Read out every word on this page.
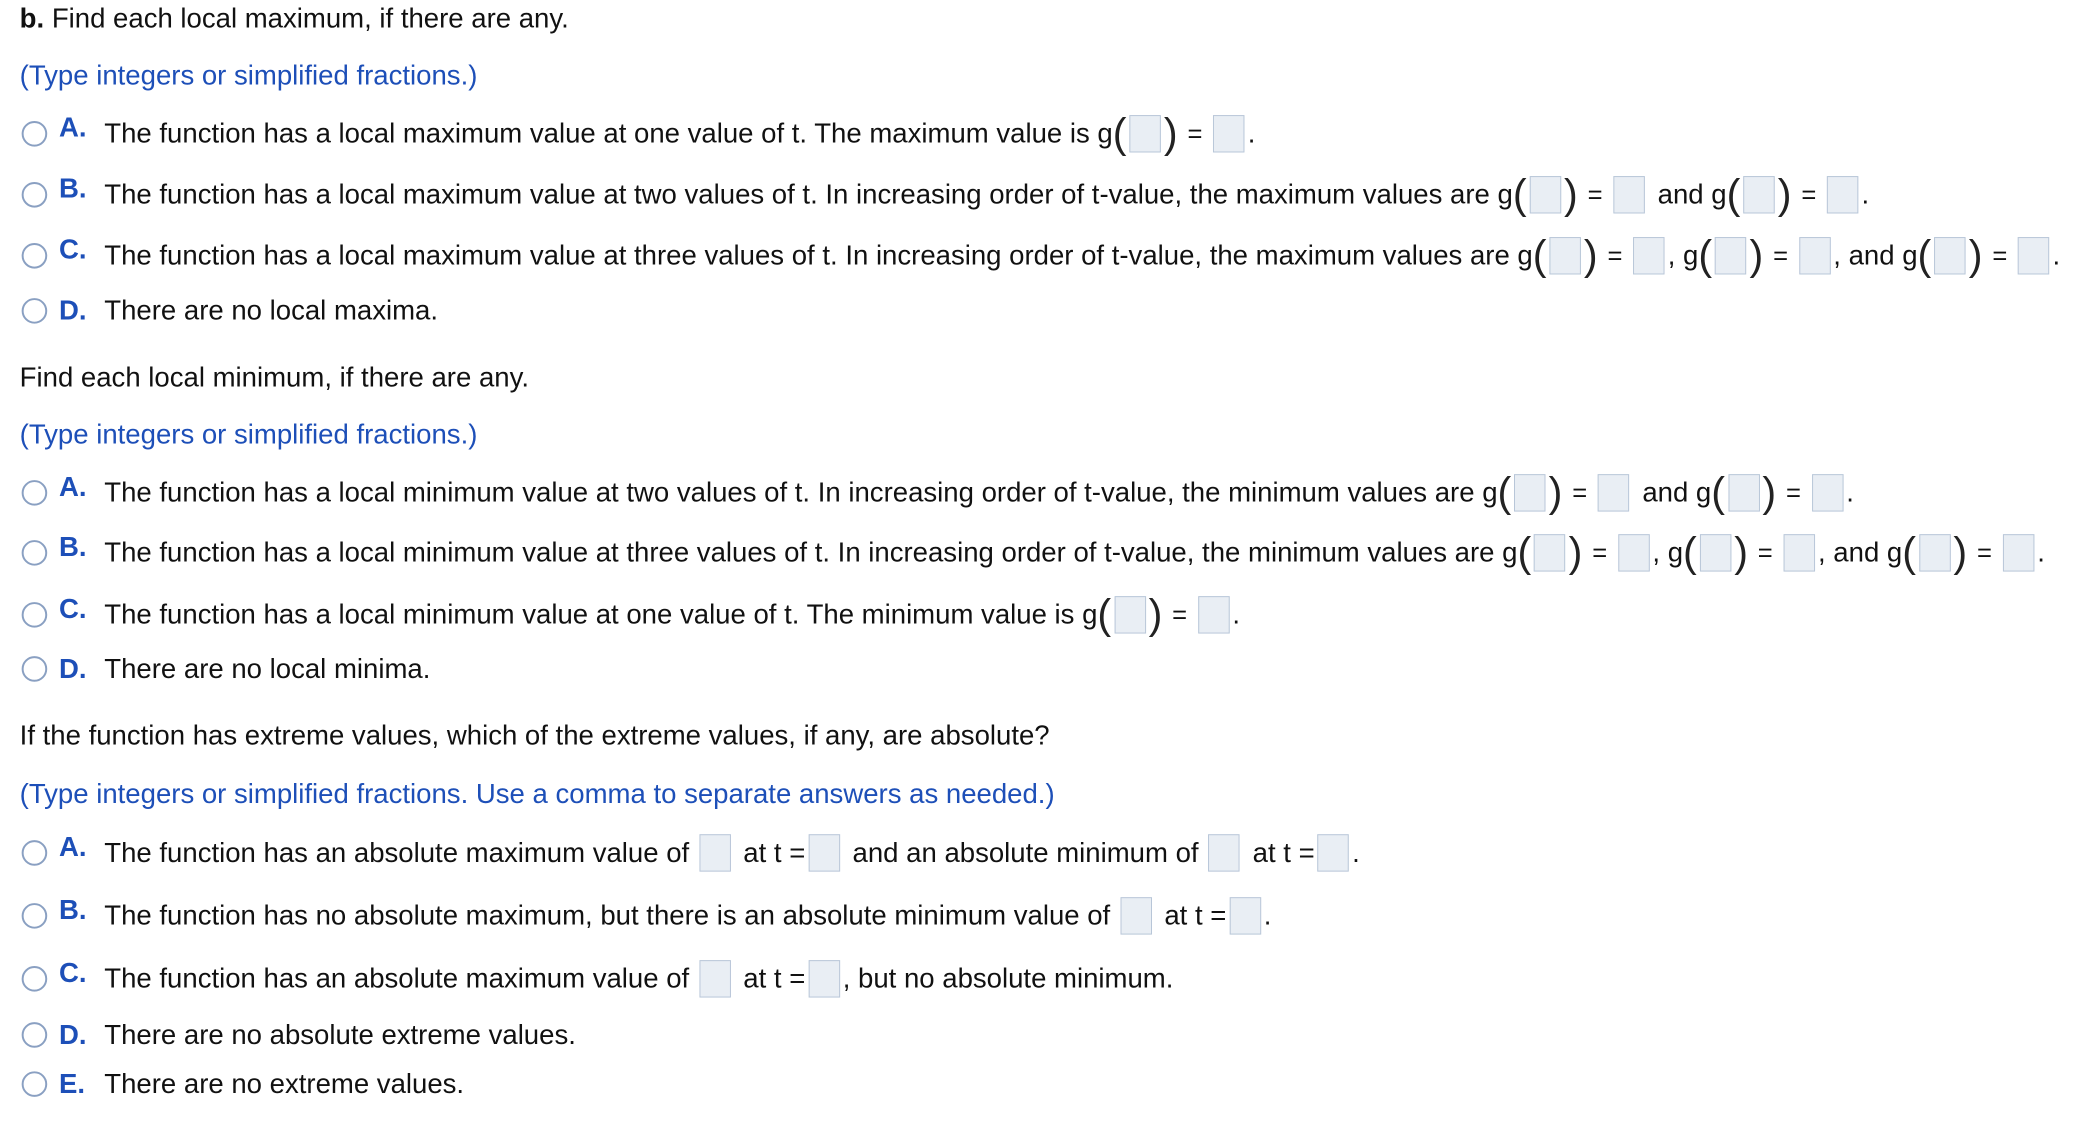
b. Find each local maximum, if there are any.
(Type integers or simplified fractions.)
A. The function has a local maximum value at one value of t. The maximum value is g ( ) = .
B. The function has a local maximum value at two values of t. In increasing order of t-value, the maximum values are g ( ) = and g ( ) = .
C. The function has a local maximum value at three values of t. In increasing order of t-value, the maximum values are g ( ) = , g ( ) = , and g ( ) = .
D. There are no local maxima.
Find each local minimum, if there are any.
(Type integers or simplified fractions.)
A. The function has a local minimum value at two values of t. In increasing order of t-value, the minimum values are g ( ) = and g ( ) = .
B. The function has a local minimum value at three values of t. In increasing order of t-value, the minimum values are g ( ) = , g ( ) = , and g ( ) = .
C. The function has a local minimum value at one value of t. The minimum value is g ( ) = .
D. There are no local minima.
If the function has extreme values, which of the extreme values, if any, are absolute?
(Type integers or simplified fractions. Use a comma to separate answers as needed.)
A. The function has an absolute maximum value of at t = and an absolute minimum of at t = .
B. The function has no absolute maximum, but there is an absolute minimum value of at t = .
C. The function has an absolute maximum value of at t = , but no absolute minimum.
D. There are no absolute extreme values.
E. There are no extreme values.
